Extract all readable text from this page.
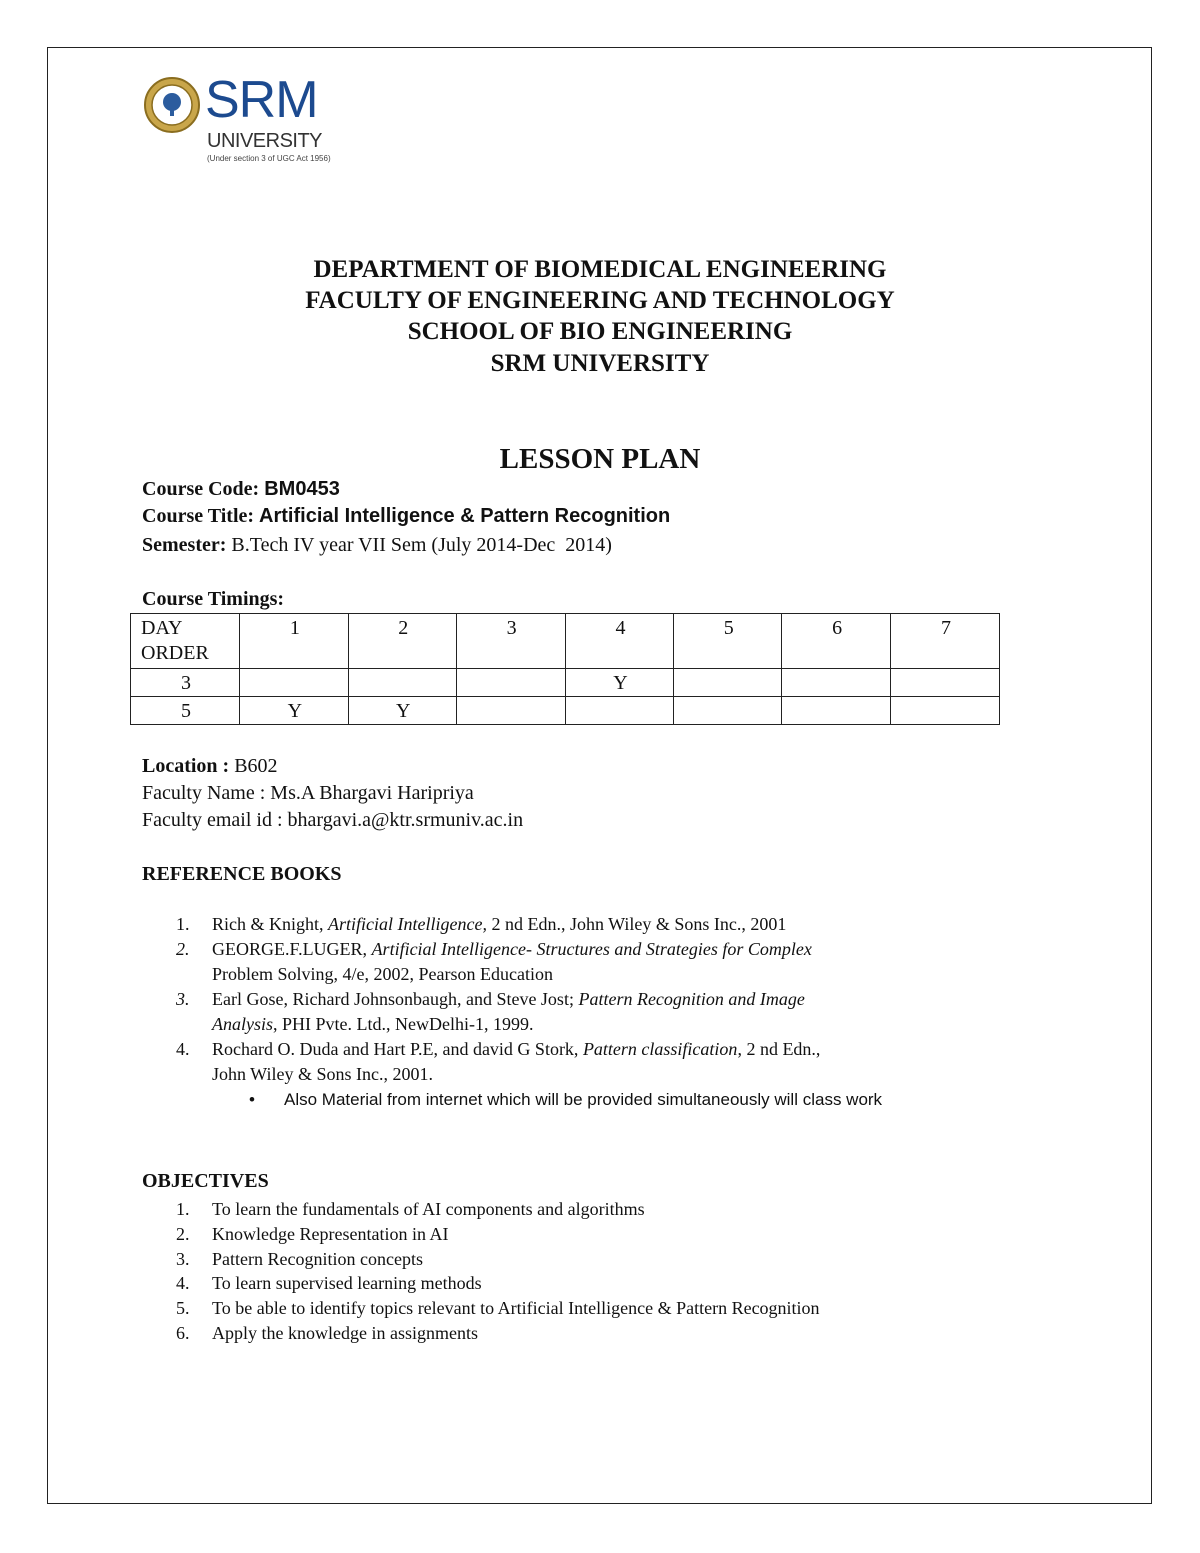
SRM
UNIVERSITY
(Under section 3 of UGC Act 1956)
DEPARTMENT OF BIOMEDICAL ENGINEERING
FACULTY OF ENGINEERING AND TECHNOLOGY
SCHOOL OF BIO ENGINEERING
SRM UNIVERSITY
LESSON PLAN
Course Code: BM0453
Course Title: Artificial Intelligence & Pattern Recognition
Semester: B.Tech IV year VII Sem (July 2014-Dec  2014)
Course Timings:
DAY ORDER	1	2	3	4	5	6	7
3				Y			
5	Y	Y					
Location : B602
Faculty Name : Ms.A Bhargavi Haripriya
Faculty email id : bhargavi.a@ktr.srmuniv.ac.in
REFERENCE BOOKS
1. Rich & Knight, Artificial Intelligence, 2 nd Edn., John Wiley & Sons Inc., 2001
2. GEORGE.F.LUGER, Artificial Intelligence- Structures and Strategies for Complex
Problem Solving, 4/e, 2002, Pearson Education
3. Earl Gose, Richard Johnsonbaugh, and Steve Jost; Pattern Recognition and Image
Analysis, PHI Pvte. Ltd., NewDelhi-1, 1999.
4. Rochard O. Duda and Hart P.E, and david G Stork, Pattern classification, 2 nd Edn.,
John Wiley & Sons Inc., 2001.
• Also Material from internet which will be provided simultaneously will class work
OBJECTIVES
1. To learn the fundamentals of AI components and algorithms
2. Knowledge Representation in AI
3. Pattern Recognition concepts
4. To learn supervised learning methods
5. To be able to identify topics relevant to Artificial Intelligence & Pattern Recognition
6. Apply the knowledge in assignments
